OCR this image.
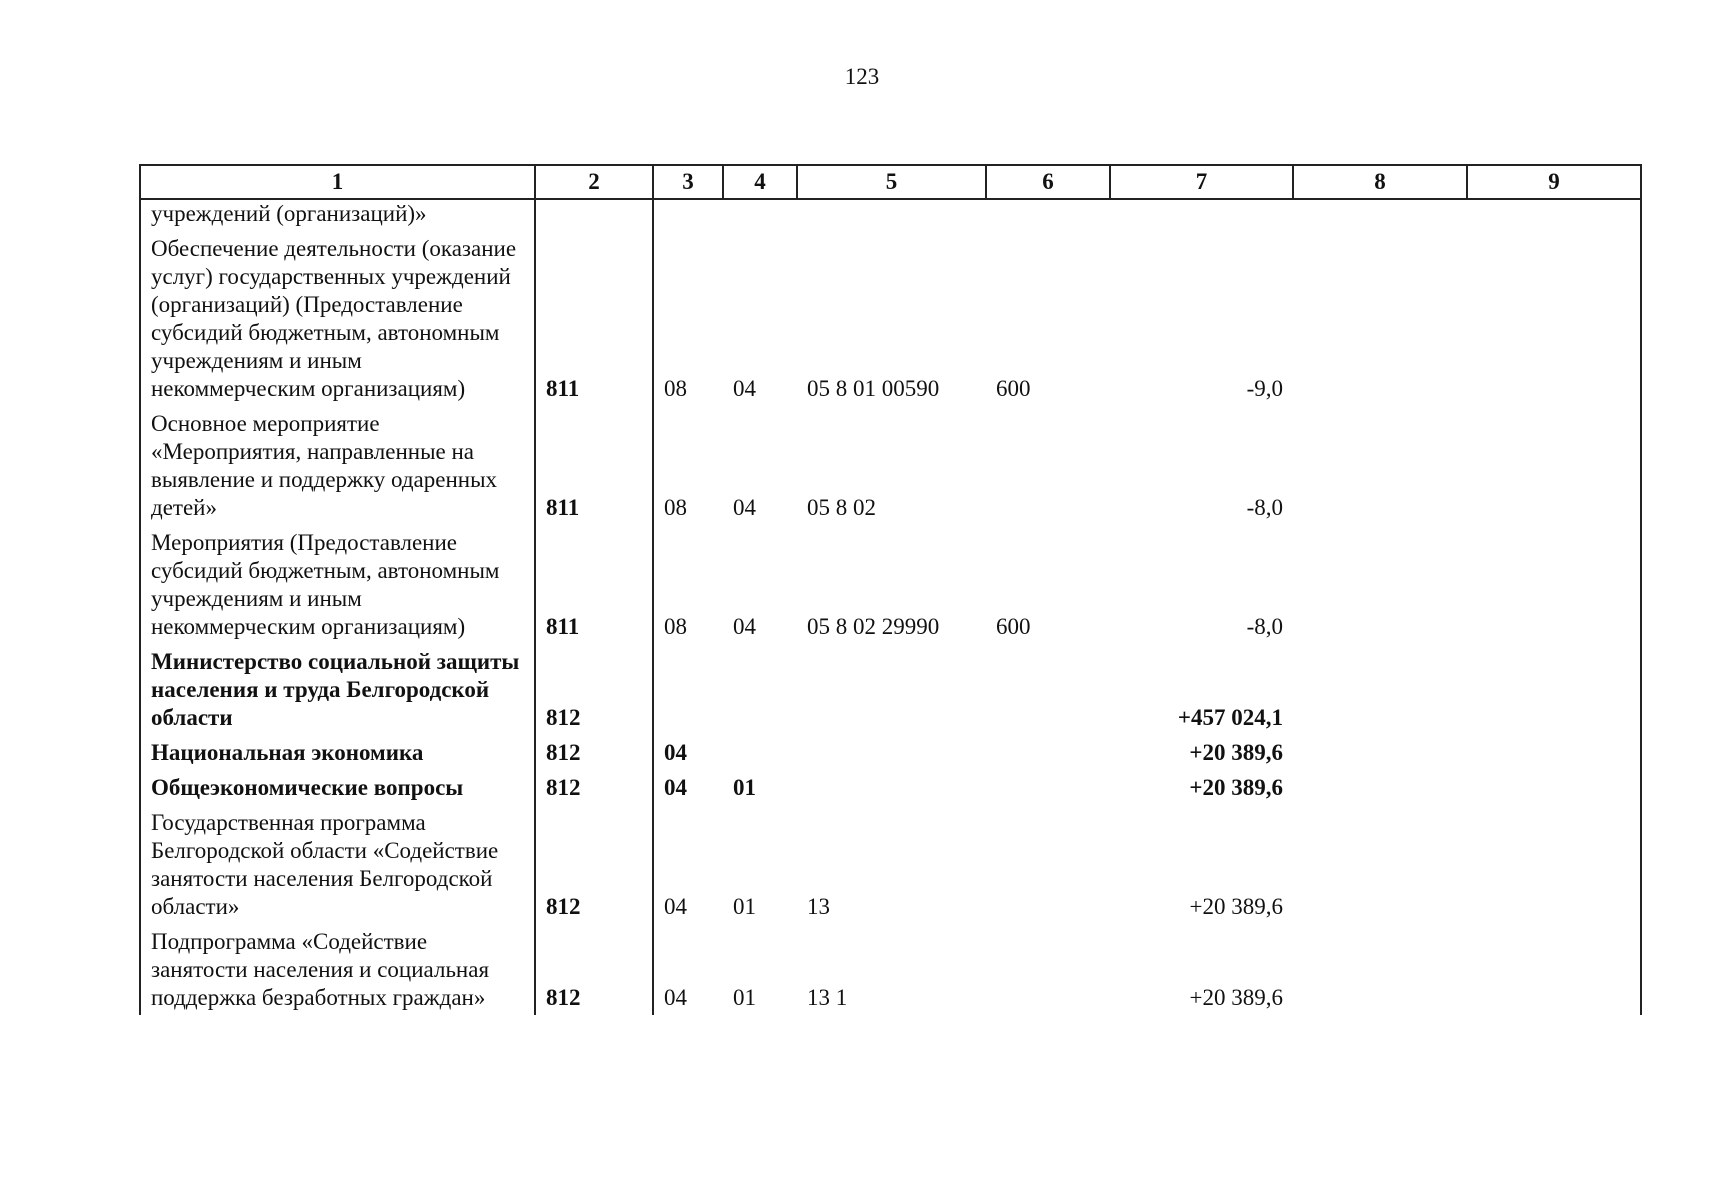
123
1	2	3	4	5	6	7	8	9
учреждений (организаций)»								
Обеспечение деятельности (оказание услуг) государственных учреждений (организаций) (Предоставление субсидий бюджетным, автономным учреждениям и иным некоммерческим организациям)	811	08	04	05 8 01 00590	600	-9,0		
Основное мероприятие «Мероприятия, направленные на выявление и поддержку одаренных детей»	811	08	04	05 8 02		-8,0		
Мероприятия (Предоставление субсидий бюджетным, автономным учреждениям и иным некоммерческим организациям)	811	08	04	05 8 02 29990	600	-8,0		
Министерство социальной защиты населения и труда Белгородской области	812					+457 024,1		
Национальная экономика	812	04				+20 389,6		
Общеэкономические вопросы	812	04	01			+20 389,6		
Государственная программа Белгородской области «Содействие занятости населения Белгородской области»	812	04	01	13		+20 389,6		
Подпрограмма «Содействие занятости населения и социальная поддержка безработных граждан»	812	04	01	13 1		+20 389,6		
